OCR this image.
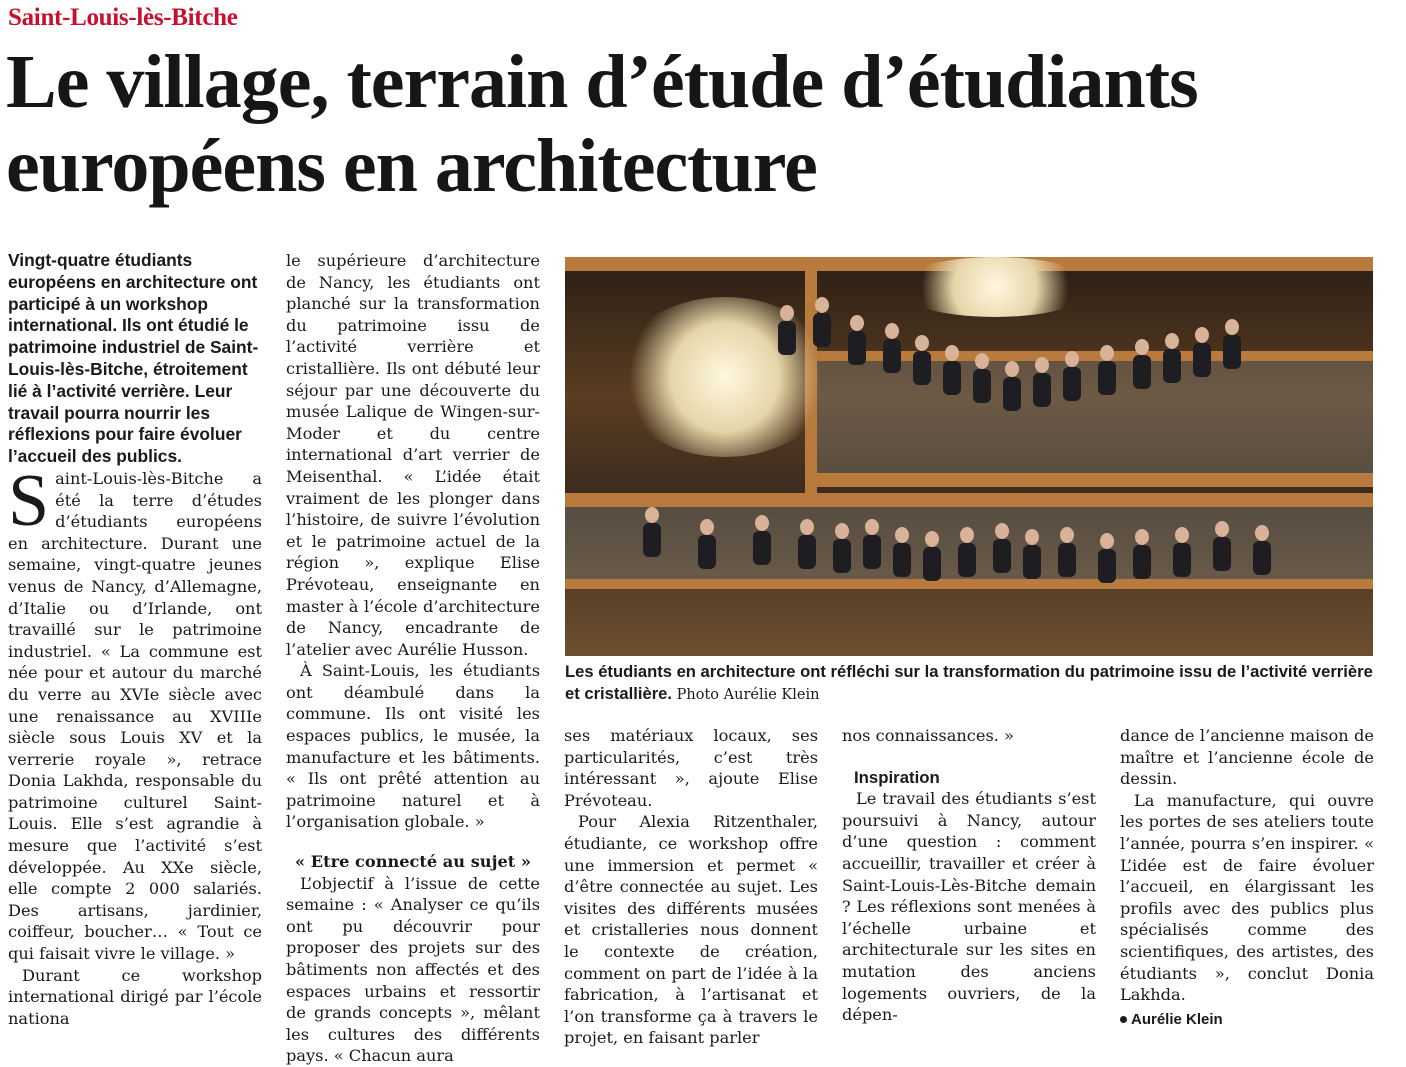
Saint-Louis-lès-Bitche
Le village, terrain d’étude d’étudiants européens en architecture

Vingt-quatre étudiants européens en architecture ont participé à un workshop international. Ils ont étudié le patrimoine industriel de Saint-Louis-lès-Bitche, étroitement lié à l’activité verrière. Leur travail pourra nourrir les réflexions pour faire évoluer l’accueil des publics.

Saint-Louis-lès-Bitche a été la terre d’études d’étudiants européens en architecture. Durant une semaine, vingt-quatre jeunes venus de Nancy, d’Allemagne, d’Italie ou d’Irlande, ont travaillé sur le patrimoine industriel. « La commune est née pour et autour du marché du verre au XVIe siècle avec une renaissance au XVIIIe siècle sous Louis XV et la verrerie royale », retrace Donia Lakhda, responsable du patrimoine culturel Saint-Louis. Elle s’est agrandie à mesure que l’activité s’est développée. Au XXe siècle, elle compte 2 000 salariés. Des artisans, jardinier, coiffeur, boucher… « Tout ce qui faisait vivre le village. »

Durant ce workshop international dirigé par l’école nationa

le supérieure d’architecture de Nancy, les étudiants ont planché sur la transformation du patrimoine issu de l’activité verrière et cristallière. Ils ont débuté leur séjour par une découverte du musée Lalique de Wingen-sur-Moder et du centre international d’art verrier de Meisenthal. « L’idée était vraiment de les plonger dans l’histoire, de suivre l’évolution et le patrimoine actuel de la région », explique Elise Prévoteau, enseignante en master à l’école d’architecture de Nancy, encadrante de l’atelier avec Aurélie Husson.

À Saint-Louis, les étudiants ont déambulé dans la commune. Ils ont visité les espaces publics, le musée, la manufacture et les bâtiments. « Ils ont prêté attention au patrimoine naturel et à l’organisation globale. »

« Etre connecté au sujet »

L’objectif à l’issue de cette semaine : « Analyser ce qu’ils ont pu découvrir pour proposer des projets sur des bâtiments non affectés et des espaces urbains et ressortir de grands concepts », mêlant les cultures des différents pays. « Chacun aura

Les étudiants en architecture ont réfléchi sur la transformation du patrimoine issu de l’activité verrière et cristallière. Photo Aurélie Klein

ses matériaux locaux, ses particularités, c’est très intéressant », ajoute Elise Prévoteau.

Pour Alexia Ritzenthaler, étudiante, ce workshop offre une immersion et permet « d’être connectée au sujet. Les visites des différents musées et cristalleries nous donnent le contexte de création, comment on part de l’idée à la fabrication, à l’artisanat et l’on transforme ça à travers le projet, en faisant parler

nos connaissances. »

Inspiration

Le travail des étudiants s’est poursuivi à Nancy, autour d’une question : comment accueillir, travailler et créer à Saint-Louis-Lès-Bitche demain ? Les réflexions sont menées à l’échelle urbaine et architecturale sur les sites en mutation des anciens logements ouvriers, de la dépen-

dance de l’ancienne maison de maître et l’ancienne école de dessin.

La manufacture, qui ouvre les portes de ses ateliers toute l’année, pourra s’en inspirer. « L’idée est de faire évoluer l’accueil, en élargissant les profils avec des publics plus spécialisés comme des scientifiques, des artistes, des étudiants », conclut Donia Lakhda.

Aurélie Klein
